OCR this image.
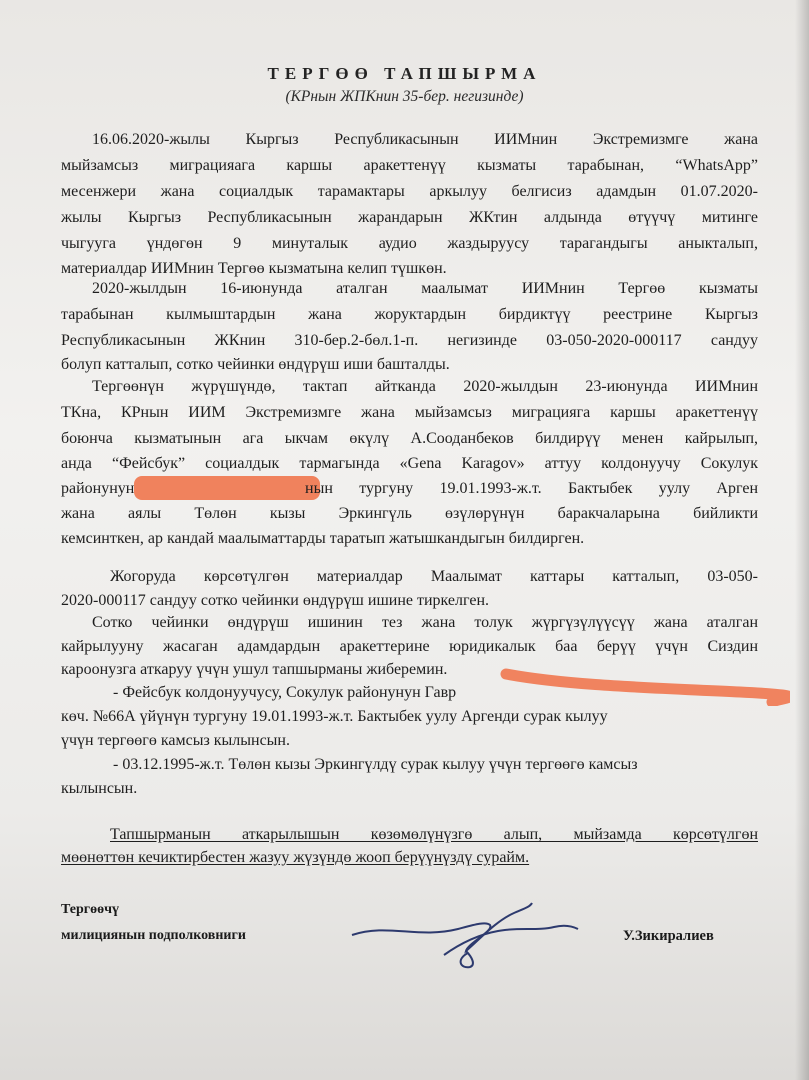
ТЕРГӨӨ ТАПШЫРМА
(КРнын ЖПКнин 35-бер. негизинде)
16.06.2020-жылы Кыргыз Республикасынын ИИМнин Экстремизмге жана
мыйзамсыз миграцияага каршы аракеттенүү кызматы тарабынан, “WhatsApp”
месенжери жана социалдык тарамактары аркылуу белгисиз адамдын 01.07.2020-
жылы Кыргыз Республикасынын жарандарын ЖКтин алдында өтүүчү митинге
чыгууга үндөгөн 9 минуталык аудио жаздыруусу тарагандыгы аныкталып,
материалдар ИИМнин Тергөө кызматына келип түшкөн.
2020-жылдын 16-июнунда аталган маалымат ИИМнин Тергөө кызматы
тарабынан кылмыштардын жана жоруктардын бирдиктүү реестрине Кыргыз
Республикасынын ЖКнин 310-бер.2-бөл.1-п. негизинде 03-050-2020-000117 сандуу
болуп катталып, сотко чейинки өндүрүш иши башталды.
Тергөөнүн жүрүшүндө, тактап айтканда 2020-жылдын 23-июнунда ИИМнин
ТКна, КРнын ИИМ Экстремизмге жана мыйзамсыз миграцияга каршы аракеттенүү
боюнча кызматынын ага ыкчам өкүлү А.Сооданбеков билдирүү менен кайрылып,
анда “Фейсбук” социалдык тармагында «Gena Karagov» аттуу колдонуучу Сокулук
районунун	нын тургуну 19.01.1993-ж.т. Бактыбек уулу Арген
жана аялы Төлөн кызы Эркингүль өзүлөрүнүн баракчаларына бийликти
кемсинткен, ар кандай маалыматтарды таратып жатышкандыгын билдирген.
Жогоруда көрсөтүлгөн материалдар Маалымат каттары катталып, 03-050-
2020-000117 сандуу сотко чейинки өндүрүш ишине тиркелген.
Сотко чейинки өндүрүш ишинин тез жана толук жүргүзүлүүсүү жана аталган
кайрылууну жасаган адамдардын аракеттерине юридикалык баа берүү үчүн Сиздин
кароонузга аткаруу үчүн ушул тапшырманы жиберемин.
- Фейсбук колдонуучусу, Сокулук районунун Гавр
көч. №66А үйүнүн тургуну 19.01.1993-ж.т. Бактыбек уулу Аргенди сурак кылуу
үчүн тергөөгө камсыз кылынсын.
- 03.12.1995-ж.т. Төлөн кызы Эркингүлдү сурак кылуу үчүн тергөөгө камсыз
кылынсын.
Тапшырманын аткарылышын көзөмөлүнүзгө алып, мыйзамда көрсөтүлгөн
мөөнөттөн кечиктирбестен жазуу жүзүндө жооп берүүнүздү сурайм.
Тергөөчү
милициянын подполковниги	У.Зикиралиев
